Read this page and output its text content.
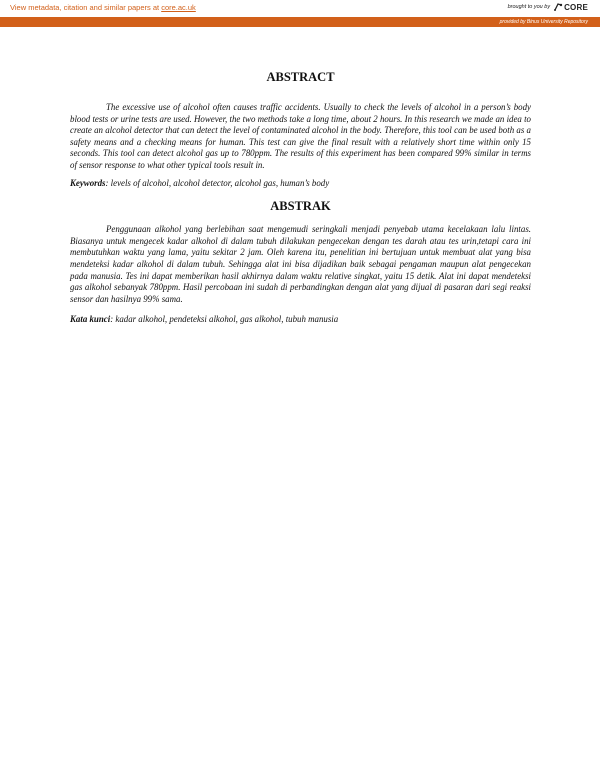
View metadata, citation and similar papers at core.ac.uk	brought to you by CORE
provided by Binus University Repository
ABSTRACT

The excessive use of alcohol often causes traffic accidents. Usually to check the levels of alcohol in a person’s body blood tests or urine tests are used. However, the two methods take a long time, about 2 hours. In this research we made an idea to create an alcohol detector that can detect the level of contaminated alcohol in the body. Therefore, this tool can be used both as a safety means and a checking means for human. This test can give the final result with a relatively short time within only 15 seconds. This tool can detect alcohol gas up to 780ppm. The results of this experiment has been compared 99% similar in terms of sensor response to what other typical tools result in.

Keywords: levels of alcohol, alcohol detector, alcohol gas, human’s body

ABSTRAK

Penggunaan alkohol yang berlebihan saat mengemudi seringkali menjadi penyebab utama kecelakaan lalu lintas. Biasanya untuk mengecek kadar alkohol di dalam tubuh dilakukan pengecekan dengan tes darah atau tes urin,tetapi cara ini membutuhkan waktu yang lama, yaitu sekitar 2 jam. Oleh karena itu, penelitian ini bertujuan untuk membuat alat yang bisa mendeteksi kadar alkohol di dalam tubuh. Sehingga alat ini bisa dijadikan baik sebagai pengaman maupun alat pengecekan pada manusia. Tes ini dapat memberikan hasil akhirnya dalam waktu relative singkat, yaitu 15 detik. Alat ini dapat mendeteksi gas alkohol sebanyak 780ppm. Hasil percobaan ini sudah di perbandingkan dengan alat yang dijual di pasaran dari segi reaksi sensor dan hasilnya 99% sama.

Kata kunci: kadar alkohol, pendeteksi alkohol, gas alkohol, tubuh manusia
